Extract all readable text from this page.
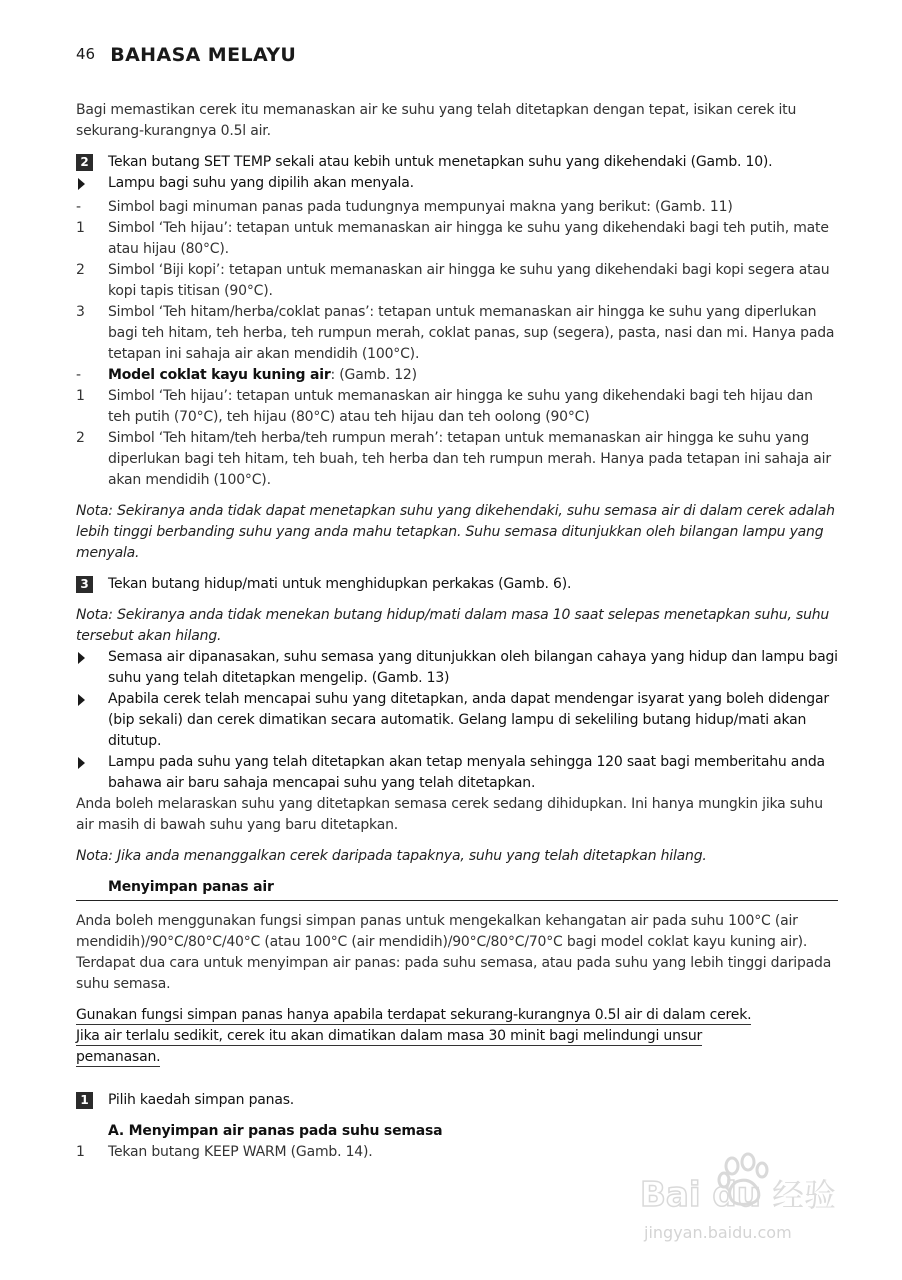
46 BAHASA MELAYU

Bagi memastikan cerek itu memanaskan air ke suhu yang telah ditetapkan dengan tepat, isikan cerek itu sekurang-kurangnya 0.5l air.

2	Tekan butang SET TEMP sekali atau kebih untuk menetapkan suhu yang dikehendaki (Gamb. 10).
Lampu bagi suhu yang dipilih akan menyala.
-	Simbol bagi minuman panas pada tudungnya mempunyai makna yang berikut: (Gamb. 11)
1	Simbol ‘Teh hijau’: tetapan untuk memanaskan air hingga ke suhu yang dikehendaki bagi teh putih, mate atau hijau (80°C).
2	Simbol ‘Biji kopi’: tetapan untuk memanaskan air hingga ke suhu yang dikehendaki bagi kopi segera atau kopi tapis titisan (90°C).
3	Simbol ‘Teh hitam/herba/coklat panas’: tetapan untuk memanaskan air hingga ke suhu yang diperlukan bagi teh hitam, teh herba, teh rumpun merah, coklat panas, sup (segera), pasta, nasi dan mi. Hanya pada tetapan ini sahaja air akan mendidih (100°C).
-	Model coklat kayu kuning air: (Gamb. 12)
1	Simbol ‘Teh hijau’: tetapan untuk memanaskan air hingga ke suhu yang dikehendaki bagi teh hijau dan teh putih (70°C), teh hijau (80°C) atau teh hijau dan teh oolong (90°C)
2	Simbol ‘Teh hitam/teh herba/teh rumpun merah’: tetapan untuk memanaskan air hingga ke suhu yang diperlukan bagi teh hitam, teh buah, teh herba dan teh rumpun merah. Hanya pada tetapan ini sahaja air akan mendidih (100°C).

Nota: Sekiranya anda tidak dapat menetapkan suhu yang dikehendaki, suhu semasa air di dalam cerek adalah lebih tinggi berbanding suhu yang anda mahu tetapkan. Suhu semasa ditunjukkan oleh bilangan lampu yang menyala.

3	Tekan butang hidup/mati untuk menghidupkan perkakas (Gamb. 6).

Nota: Sekiranya anda tidak menekan butang hidup/mati dalam masa 10 saat selepas menetapkan suhu, suhu tersebut akan hilang.

Semasa air dipanasakan, suhu semasa yang ditunjukkan oleh bilangan cahaya yang hidup dan lampu bagi suhu yang telah ditetapkan mengelip. (Gamb. 13)
Apabila cerek telah mencapai suhu yang ditetapkan, anda dapat mendengar isyarat yang boleh didengar (bip sekali) dan cerek dimatikan secara automatik. Gelang lampu di sekeliling butang hidup/mati akan ditutup.
Lampu pada suhu yang telah ditetapkan akan tetap menyala sehingga 120 saat bagi memberitahu anda bahawa air baru sahaja mencapai suhu yang telah ditetapkan.

Anda boleh melaraskan suhu yang ditetapkan semasa cerek sedang dihidupkan. Ini hanya mungkin jika suhu air masih di bawah suhu yang baru ditetapkan.

Nota: Jika anda menanggalkan cerek daripada tapaknya, suhu yang telah ditetapkan hilang.

Menyimpan panas air

Anda boleh menggunakan fungsi simpan panas untuk mengekalkan kehangatan air pada suhu 100°C (air mendidih)/90°C/80°C/40°C (atau 100°C (air mendidih)/90°C/80°C/70°C bagi model coklat kayu kuning air).

Terdapat dua cara untuk menyimpan air panas: pada suhu semasa, atau pada suhu yang lebih tinggi daripada suhu semasa.

Gunakan fungsi simpan panas hanya apabila terdapat sekurang-kurangnya 0.5l air di dalam cerek.
Jika air terlalu sedikit, cerek itu akan dimatikan dalam masa 30 minit bagi melindungi unsur
pemanasan.
1	Pilih kaedah simpan panas.
A. Menyimpan air panas pada suhu semasa
1	Tekan butang KEEP WARM (Gamb. 14).
Bai du 经验
jingyan.baidu.com
